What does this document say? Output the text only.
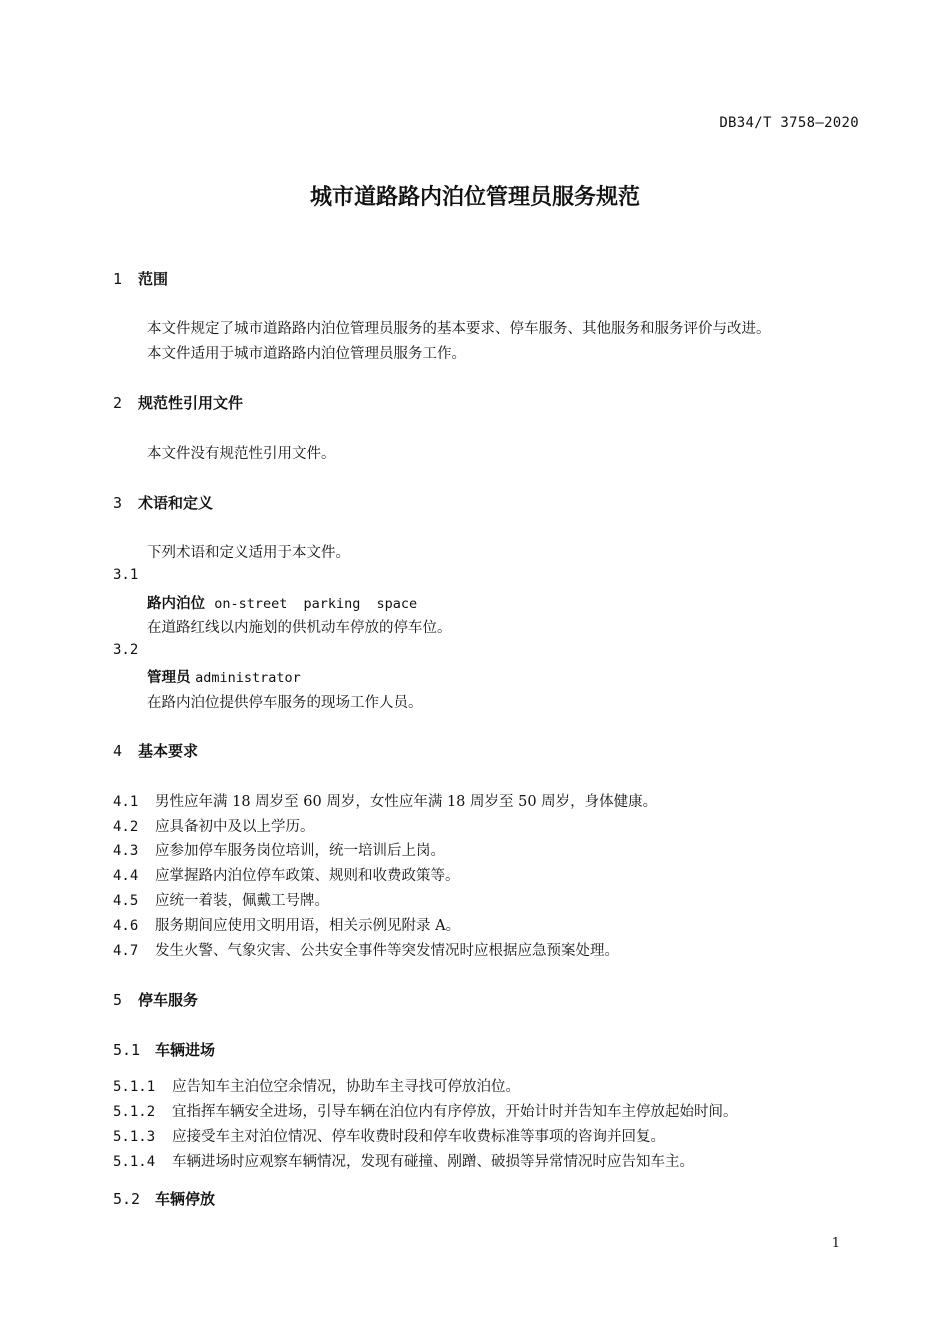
DB34/T 3758—2020
城市道路路内泊位管理员服务规范
1 范围
本文件规定了城市道路路内泊位管理员服务的基本要求、停车服务、其他服务和服务评价与改进。
本文件适用于城市道路路内泊位管理员服务工作。
2 规范性引用文件
本文件没有规范性引用文件。
3 术语和定义
下列术语和定义适用于本文件。
3.1
路内泊位 on-street parking space
在道路红线以内施划的供机动车停放的停车位。
3.2
管理员 administrator
在路内泊位提供停车服务的现场工作人员。
4 基本要求
4.1 男性应年满 18 周岁至 60 周岁，女性应年满 18 周岁至 50 周岁，身体健康。
4.2 应具备初中及以上学历。
4.3 应参加停车服务岗位培训，统一培训后上岗。
4.4 应掌握路内泊位停车政策、规则和收费政策等。
4.5 应统一着装，佩戴工号牌。
4.6 服务期间应使用文明用语，相关示例见附录 A。
4.7 发生火警、气象灾害、公共安全事件等突发情况时应根据应急预案处理。
5 停车服务
5.1 车辆进场
5.1.1 应告知车主泊位空余情况，协助车主寻找可停放泊位。
5.1.2 宜指挥车辆安全进场，引导车辆在泊位内有序停放，开始计时并告知车主停放起始时间。
5.1.3 应接受车主对泊位情况、停车收费时段和停车收费标准等事项的咨询并回复。
5.1.4 车辆进场时应观察车辆情况，发现有碰撞、剐蹭、破损等异常情况时应告知车主。
5.2 车辆停放
1
